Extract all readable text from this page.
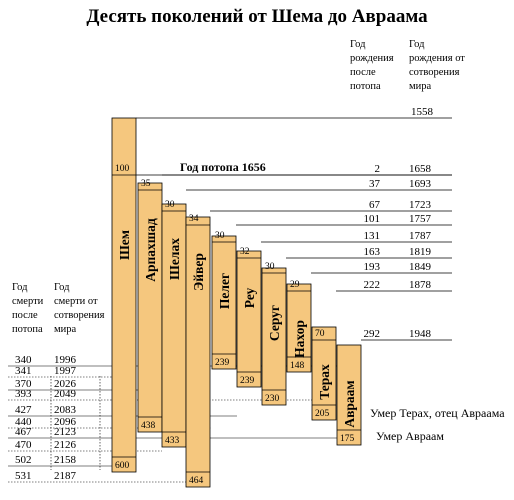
Десять поколений от Шема до Авраама
Год
рождения
после
потопа
Год
рождения от
сотворения
мира
Год
смерти
после
потопа
Год
смерти от
сотворения
мира
1558
Год потопа 1656	2	1658
37	1693
67	1723
101	1757
131	1787
163	1819
193	1849
222	1878
292	1948
340 1996
341 1997
370 2026
393 2049
427 2083
440 2096
467 2123
470 2126
502 2158
531 2187
100
600
Шем
35
438
Арпахшад
30
433
Шелах
34
464
Эйвер
30
239
Пелег
32
239
Реу
30
230
Серуг
29
148
Нахор 70
205
Терах
175
Авраам Умер Терах, отец Авраама
Умер Авраам
